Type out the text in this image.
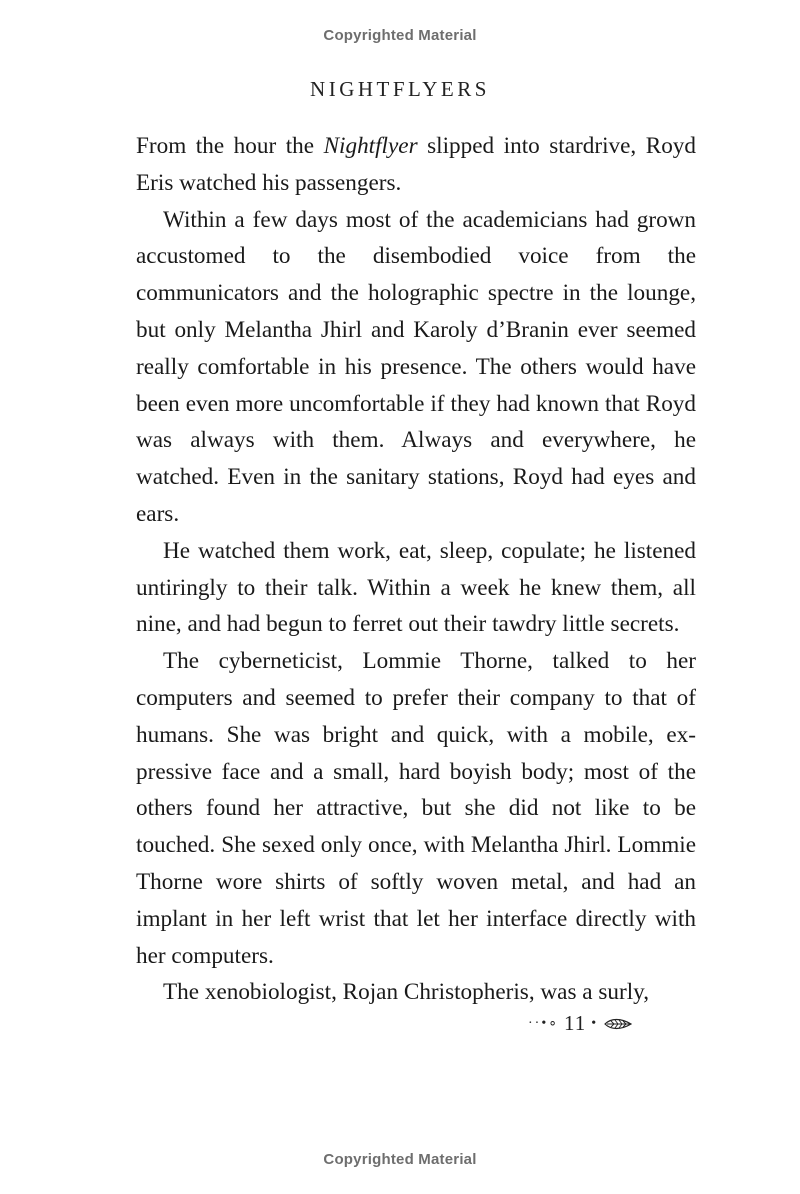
Copyrighted Material
NIGHTFLYERS

From the hour the Nightflyer slipped into stardrive, Royd Eris watched his passengers.

Within a few days most of the academicians had grown accustomed to the disembodied voice from the communicators and the holographic spectre in the lounge, but only Melantha Jhirl and Karoly d’Branin ever seemed really comfortable in his presence. The others would have been even more uncomfortable if they had known that Royd was always with them. Always and everywhere, he watched. Even in the sanitary stations, Royd had eyes and ears.

He watched them work, eat, sleep, copulate; he listened untiringly to their talk. Within a week he knew them, all nine, and had begun to ferret out their tawdry little secrets.

The cyberneticist, Lommie Thorne, talked to her computers and seemed to prefer their company to that of humans. She was bright and quick, with a mobile, expressive face and a small, hard boyish body; most of the others found her attractive, but she did not like to be touched. She sexed only once, with Melantha Jhirl. Lommie Thorne wore shirts of softly woven metal, and had an implant in her left wrist that let her interface directly with her computers.

The xenobiologist, Rojan Christopheris, was a surly,

··•∘ 11 •
Copyrighted Material
